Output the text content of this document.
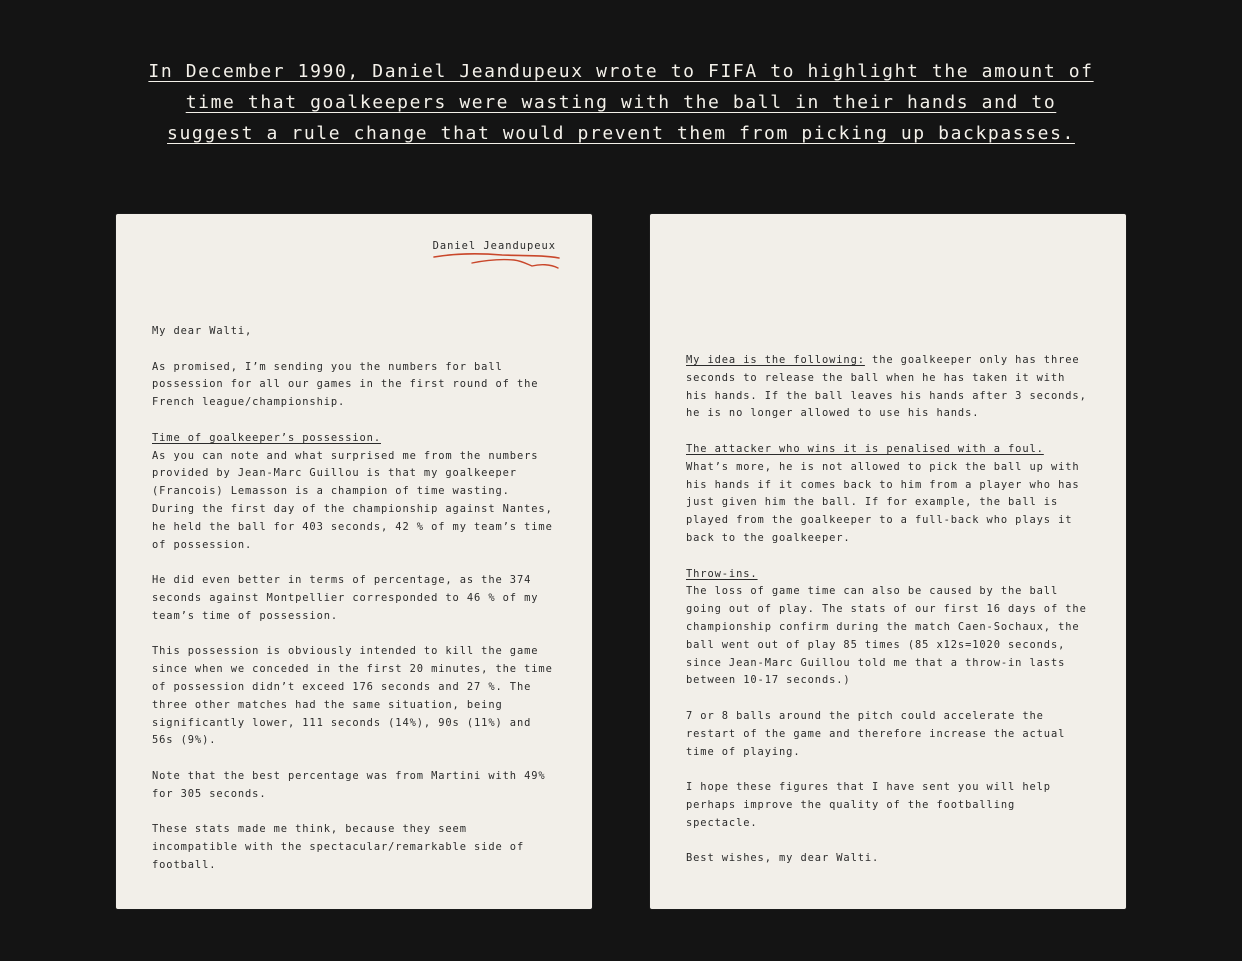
In December 1990, Daniel Jeandupeux wrote to FIFA to highlight the amount of
time that goalkeepers were wasting with the ball in their hands and to
suggest a rule change that would prevent them from picking up backpasses.
Daniel Jeandupeux

My dear Walti,

As promised, I’m sending you the numbers for ball
possession for all our games in the first round of the
French league/championship.

Time of goalkeeper’s possession.

As you can note and what surprised me from the numbers
provided by Jean-Marc Guillou is that my goalkeeper
(Francois) Lemasson is a champion of time wasting.
During the first day of the championship against Nantes,
he held the ball for 403 seconds, 42 % of my team’s time
of possession.

He did even better in terms of percentage, as the 374
seconds against Montpellier corresponded to 46 % of my
team’s time of possession.

This possession is obviously intended to kill the game
since when we conceded in the first 20 minutes, the time
of possession didn’t exceed 176 seconds and 27 %. The
three other matches had the same situation, being
significantly lower, 111 seconds (14%), 90s (11%) and
56s (9%).

Note that the best percentage was from Martini with 49%
for 305 seconds.

These stats made me think, because they seem
incompatible with the spectacular/remarkable side of
football.

My idea is the following: the goalkeeper only has three
seconds to release the ball when he has taken it with
his hands. If the ball leaves his hands after 3 seconds,
he is no longer allowed to use his hands.

The attacker who wins it is penalised with a foul.

What’s more, he is not allowed to pick the ball up with
his hands if it comes back to him from a player who has
just given him the ball. If for example, the ball is
played from the goalkeeper to a full-back who plays it
back to the goalkeeper.

Throw-ins.

The loss of game time can also be caused by the ball
going out of play. The stats of our first 16 days of the
championship confirm during the match Caen-Sochaux, the
ball went out of play 85 times (85 x12s=1020 seconds,
since Jean-Marc Guillou told me that a throw-in lasts
between 10-17 seconds.)

7 or 8 balls around the pitch could accelerate the
restart of the game and therefore increase the actual
time of playing.

I hope these figures that I have sent you will help
perhaps improve the quality of the footballing
spectacle.

Best wishes, my dear Walti.
